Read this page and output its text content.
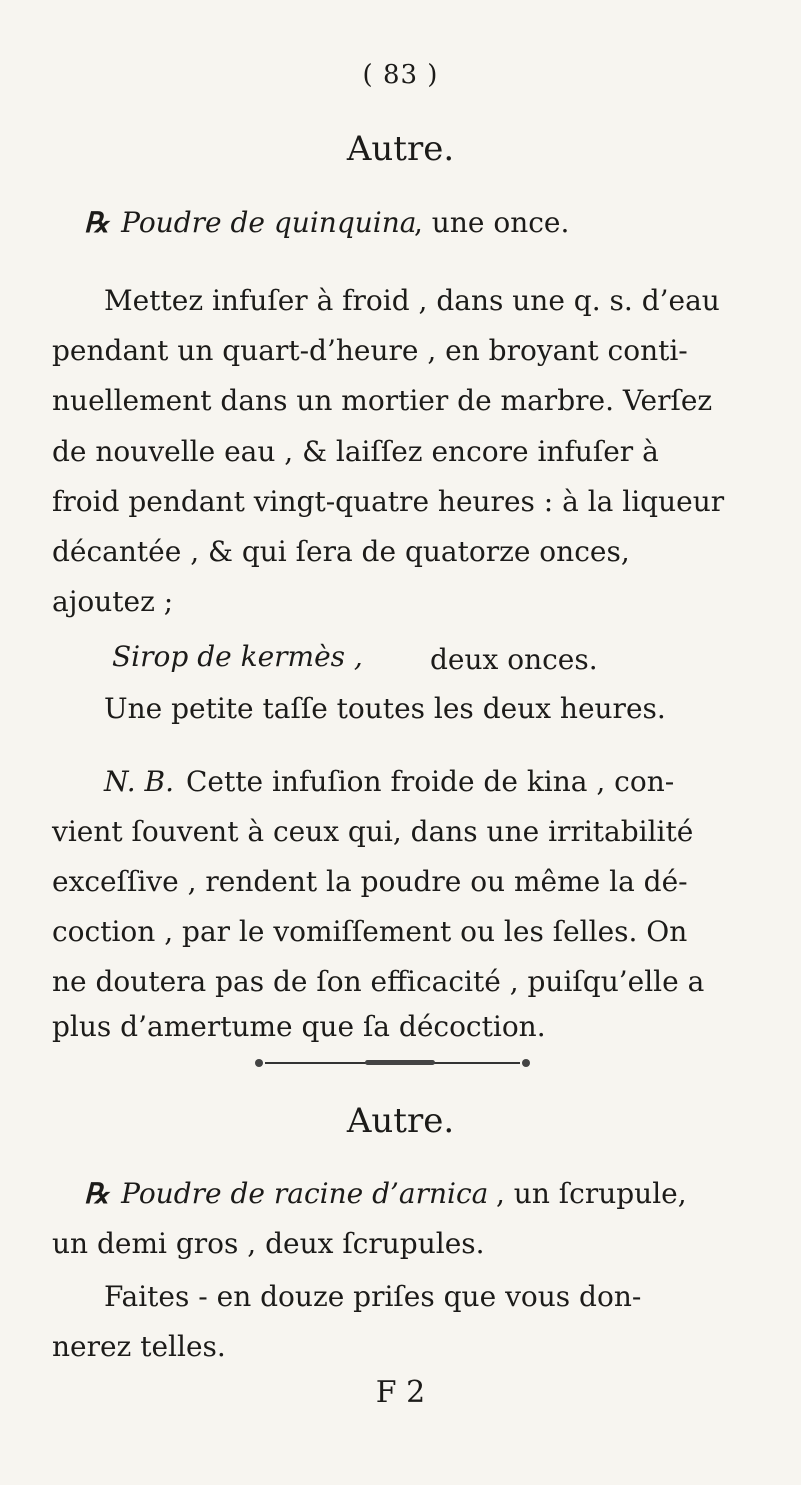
( 83 )
Autre.
℞ Poudre de quinquina
, une once.
Mettez infuſer à froid , dans une q. s. d’eau
pendant un quart-d’heure , en broyant conti-
nuellement dans un mortier de marbre. Verſez
de nouvelle eau , & laiſſez encore infuſer à
froid pendant vingt-quatre heures : à la liqueur
décantée , & qui ſera de quatorze onces,
ajoutez ;
Sirop de kermès , deux onces.
Une petite taſſe toutes les deux heures.
N. B. Cette infuſion froide de kina , con-
vient ſouvent à ceux qui, dans une irritabilité
exceſſive , rendent la poudre ou même la dé-
coction , par le vomiſſement ou les ſelles. On
ne doutera pas de ſon efficacité , puiſqu’elle a
Autre.
℞ Poudre de racine d’arnica , un ſcrupule,
un demi gros , deux ſcrupules.
Faites - en douze priſes que vous don-
nerez telles.
F 2
plus d’amertume que ſa décoction.
